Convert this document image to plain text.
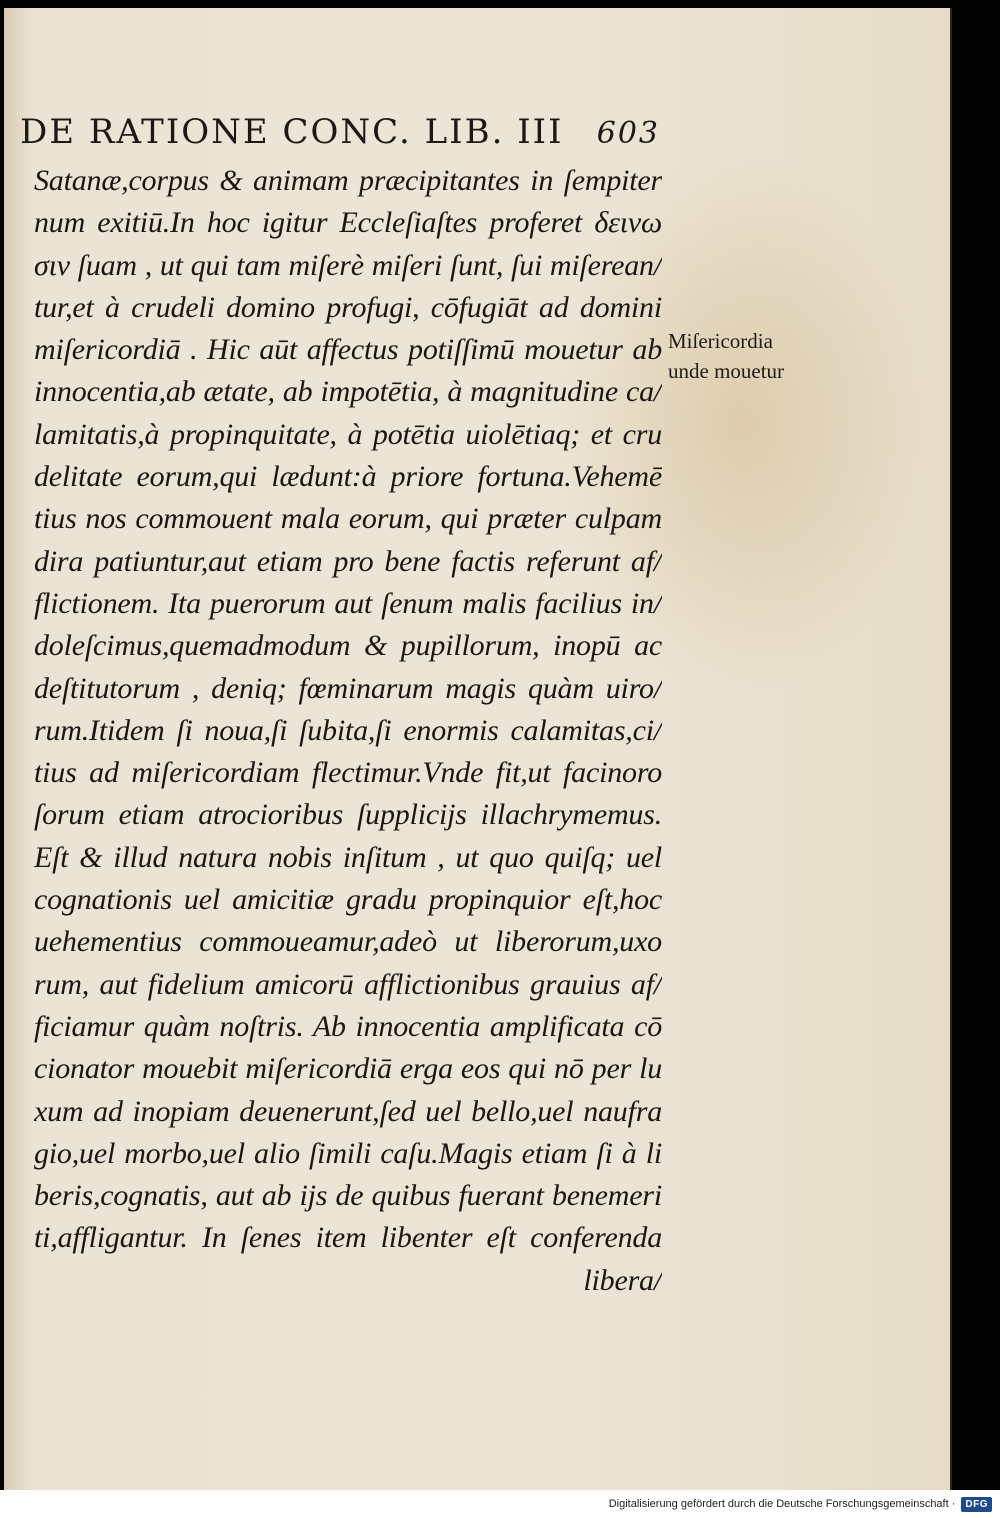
DE RATIONE CONC. LIB. III 603
Satanæ,corpus & animam præcipitantes in ſempiter
num exitiū.In hoc igitur Eccleſiaſtes proferet δεινω
σιν ſuam , ut qui tam miſerè miſeri ſunt, ſui miſerean/
tur,et à crudeli domino profugi, cōfugiāt ad domini
miſericordiā . Hic aūt affectus potiſſimū mouetur ab
innocentia,ab ætate, ab impotētia, à magnitudine ca/
lamitatis,à propinquitate, à potētia uiolētiaq; et cru
delitate eorum,qui lædunt:à priore fortuna.Vehemē
tius nos commouent mala eorum, qui præter culpam
dira patiuntur,aut etiam pro bene factis referunt af/
flictionem. Ita puerorum aut ſenum malis facilius in/
doleſcimus,quemadmodum & pupillorum, inopū ac
deſtitutorum , deniq; fœminarum magis quàm uiro/
rum.Itidem ſi noua,ſi ſubita,ſi enormis calamitas,ci/
tius ad miſericordiam flectimur.Vnde fit,ut facinoro
ſorum etiam atrocioribus ſupplicijs illachrymemus.
Eſt & illud natura nobis inſitum , ut quo quiſq; uel
cognationis uel amicitiæ gradu propinquior eſt,hoc
uehementius commoueamur,adeò ut liberorum,uxo
rum, aut fidelium amicorū afflictionibus grauius af/
ficiamur quàm noſtris. Ab innocentia amplificata cō
cionator mouebit miſericordiā erga eos qui nō per lu
xum ad inopiam deuenerunt,ſed uel bello,uel naufra
gio,uel morbo,uel alio ſimili caſu.Magis etiam ſi à li
beris,cognatis, aut ab ijs de quibus fuerant benemeri
ti,affligantur. In ſenes item libenter eſt conferenda
libera/
Miſericordia
unde mouetur
Digitalisierung gefördert durch die Deutsche Forschungsgemeinschaft ·	DFG
